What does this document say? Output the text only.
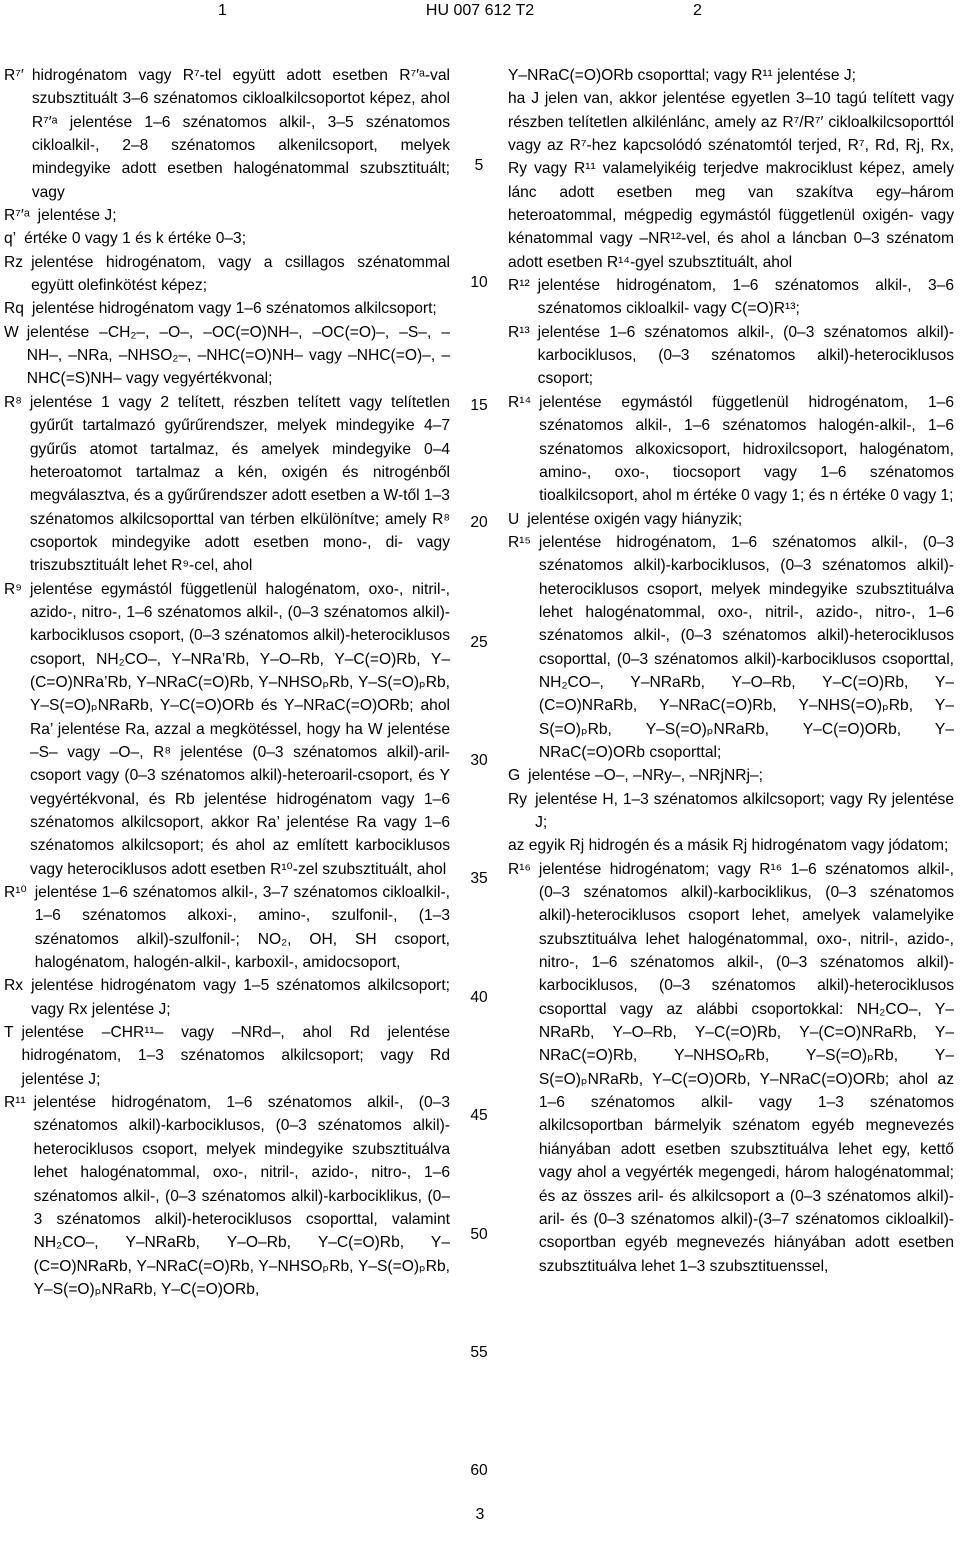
1	HU 007 612 T2	2
R⁷′ hidrogénatom vagy R⁷-tel együtt adott esetben R⁷′ᵃ-val szubsztituált 3–6 szénatomos cikloalkilcsoportot képez, ahol R⁷′ᵃ jelentése 1–6 szénatomos alkil-, 3–5 szénatomos cikloalkil-, 2–8 szénatomos alkenilcsoport, melyek mindegyike adott esetben halogénatommal szubsztituált; vagy
R⁷′ᵃ jelentése J;
q’ értéke 0 vagy 1 és k értéke 0–3;
Rz jelentése hidrogénatom, vagy a csillagos szénatommal együtt olefinkötést képez;
Rq jelentése hidrogénatom vagy 1–6 szénatomos alkilcsoport;
W jelentése –CH₂–, –O–, –OC(=O)NH–, –OC(=O)–, –S–, –NH–, –NRa, –NHSO₂–, –NHC(=O)NH– vagy –NHC(=O)–, –NHC(=S)NH– vagy vegyértékvonal;
R⁸ jelentése 1 vagy 2 telített, részben telített vagy telítetlen gyűrűt tartalmazó gyűrűrendszer, melyek mindegyike 4–7 gyűrűs atomot tartalmaz, és amelyek mindegyike 0–4 heteroatomot tartalmaz a kén, oxigén és nitrogénből megválasztva, és a gyűrűrendszer adott esetben a W-től 1–3 szénatomos alkilcsoporttal van térben elkülönítve; amely R⁸ csoportok mindegyike adott esetben mono-, di- vagy triszubsztituált lehet R⁹-cel, ahol
R⁹ jelentése egymástól függetlenül halogénatom, oxo-, nitril-, azido-, nitro-, 1–6 szénatomos alkil-, (0–3 szénatomos alkil)-karbociklusos csoport, (0–3 szénatomos alkil)-heterociklusos csoport, NH₂CO–, Y–NRa’Rb, Y–O–Rb, Y–C(=O)Rb, Y–(C=O)NRa’Rb, Y–NRaC(=O)Rb, Y–NHSOₚRb, Y–S(=O)ₚRb, Y–S(=O)ₚNRaRb, Y–C(=O)ORb és Y–NRaC(=O)ORb; ahol Ra’ jelentése Ra, azzal a megkötéssel, hogy ha W jelentése –S– vagy –O–, R⁸ jelentése (0–3 szénatomos alkil)-aril-csoport vagy (0–3 szénatomos alkil)-heteroaril-csoport, és Y vegyértékvonal, és Rb jelentése hidrogénatom vagy 1–6 szénatomos alkilcsoport, akkor Ra’ jelentése Ra vagy 1–6 szénatomos alkilcsoport; és ahol az említett karbociklusos vagy heterociklusos adott esetben R¹⁰-zel szubsztituált, ahol
R¹⁰ jelentése 1–6 szénatomos alkil-, 3–7 szénatomos cikloalkil-, 1–6 szénatomos alkoxi-, amino-, szulfonil-, (1–3 szénatomos alkil)-szulfonil-; NO₂, OH, SH csoport, halogénatom, halogén-alkil-, karboxil-, amidocsoport,
Rx jelentése hidrogénatom vagy 1–5 szénatomos alkilcsoport; vagy Rx jelentése J;
T jelentése –CHR¹¹– vagy –NRd–, ahol Rd jelentése hidrogénatom, 1–3 szénatomos alkilcsoport; vagy Rd jelentése J;
R¹¹ jelentése hidrogénatom, 1–6 szénatomos alkil-, (0–3 szénatomos alkil)-karbociklusos, (0–3 szénatomos alkil)-heterociklusos csoport, melyek mindegyike szubsztituálva lehet halogénatommal, oxo-, nitril-, azido-, nitro-, 1–6 szénatomos alkil-, (0–3 szénatomos alkil)-karbociklikus, (0–3 szénatomos alkil)-heterociklusos csoporttal, valamint NH₂CO–, Y–NRaRb, Y–O–Rb, Y–C(=O)Rb, Y–(C=O)NRaRb, Y–NRaC(=O)Rb, Y–NHSOₚRb, Y–S(=O)ₚRb, Y–S(=O)ₚNRaRb, Y–C(=O)ORb,
5
10
15
20
25
30
35
40
45
50
55
60
Y–NRaC(=O)ORb csoporttal; vagy R¹¹ jelentése J;
ha J jelen van, akkor jelentése egyetlen 3–10 tagú telített vagy részben telítetlen alkilénlánc, amely az R⁷/R⁷′ cikloalkilcsoporttól vagy az R⁷-hez kapcsolódó szénatomtól terjed, R⁷, Rd, Rj, Rx, Ry vagy R¹¹ valamelyikéig terjedve makrociklust képez, amely lánc adott esetben meg van szakítva egy–három heteroatommal, mégpedig egymástól függetlenül oxigén- vagy kénatommal vagy –NR¹²-vel, és ahol a láncban 0–3 szénatom adott esetben R¹⁴-gyel szubsztituált, ahol
R¹² jelentése hidrogénatom, 1–6 szénatomos alkil-, 3–6 szénatomos cikloalkil- vagy C(=O)R¹³;
R¹³ jelentése 1–6 szénatomos alkil-, (0–3 szénatomos alkil)-karbociklusos, (0–3 szénatomos alkil)-heterociklusos csoport;
R¹⁴ jelentése egymástól függetlenül hidrogénatom, 1–6 szénatomos alkil-, 1–6 szénatomos halogén-alkil-, 1–6 szénatomos alkoxicsoport, hidroxilcsoport, halogénatom, amino-, oxo-, tiocsoport vagy 1–6 szénatomos tioalkilcsoport, ahol m értéke 0 vagy 1; és n értéke 0 vagy 1;
U jelentése oxigén vagy hiányzik;
R¹⁵ jelentése hidrogénatom, 1–6 szénatomos alkil-, (0–3 szénatomos alkil)-karbociklusos, (0–3 szénatomos alkil)-heterociklusos csoport, melyek mindegyike szubsztituálva lehet halogénatommal, oxo-, nitril-, azido-, nitro-, 1–6 szénatomos alkil-, (0–3 szénatomos alkil)-heterociklusos csoporttal, (0–3 szénatomos alkil)-karbociklusos csoporttal, NH₂CO–, Y–NRaRb, Y–O–Rb, Y–C(=O)Rb, Y–(C=O)NRaRb, Y–NRaC(=O)Rb, Y–NHS(=O)ₚRb, Y–S(=O)ₚRb, Y–S(=O)ₚNRaRb, Y–C(=O)ORb, Y–NRaC(=O)ORb csoporttal;
G jelentése –O–, –NRy–, –NRjNRj–;
Ry jelentése H, 1–3 szénatomos alkilcsoport; vagy Ry jelentése J;
az egyik Rj hidrogén és a másik Rj hidrogénatom vagy jódatom;
R¹⁶ jelentése hidrogénatom; vagy R¹⁶ 1–6 szénatomos alkil-, (0–3 szénatomos alkil)-karbociklikus, (0–3 szénatomos alkil)-heterociklusos csoport lehet, amelyek valamelyike szubsztituálva lehet halogénatommal, oxo-, nitril-, azido-, nitro-, 1–6 szénatomos alkil-, (0–3 szénatomos alkil)-karbociklusos, (0–3 szénatomos alkil)-heterociklusos csoporttal vagy az alábbi csoportokkal: NH₂CO–, Y–NRaRb, Y–O–Rb, Y–C(=O)Rb, Y–(C=O)NRaRb, Y–NRaC(=O)Rb, Y–NHSOₚRb, Y–S(=O)ₚRb, Y–S(=O)ₚNRaRb, Y–C(=O)ORb, Y–NRaC(=O)ORb; ahol az 1–6 szénatomos alkil- vagy 1–3 szénatomos alkilcsoportban bármelyik szénatom egyéb megnevezés hiányában adott esetben szubsztituálva lehet egy, kettő vagy ahol a vegyérték megengedi, három halogénatommal; és az összes aril- és alkilcsoport a (0–3 szénatomos alkil)-aril- és (0–3 szénatomos alkil)-(3–7 szénatomos cikloalkil)-csoportban egyéb megnevezés hiányában adott esetben szubsztituálva lehet 1–3 szubsztituenssel,
3
